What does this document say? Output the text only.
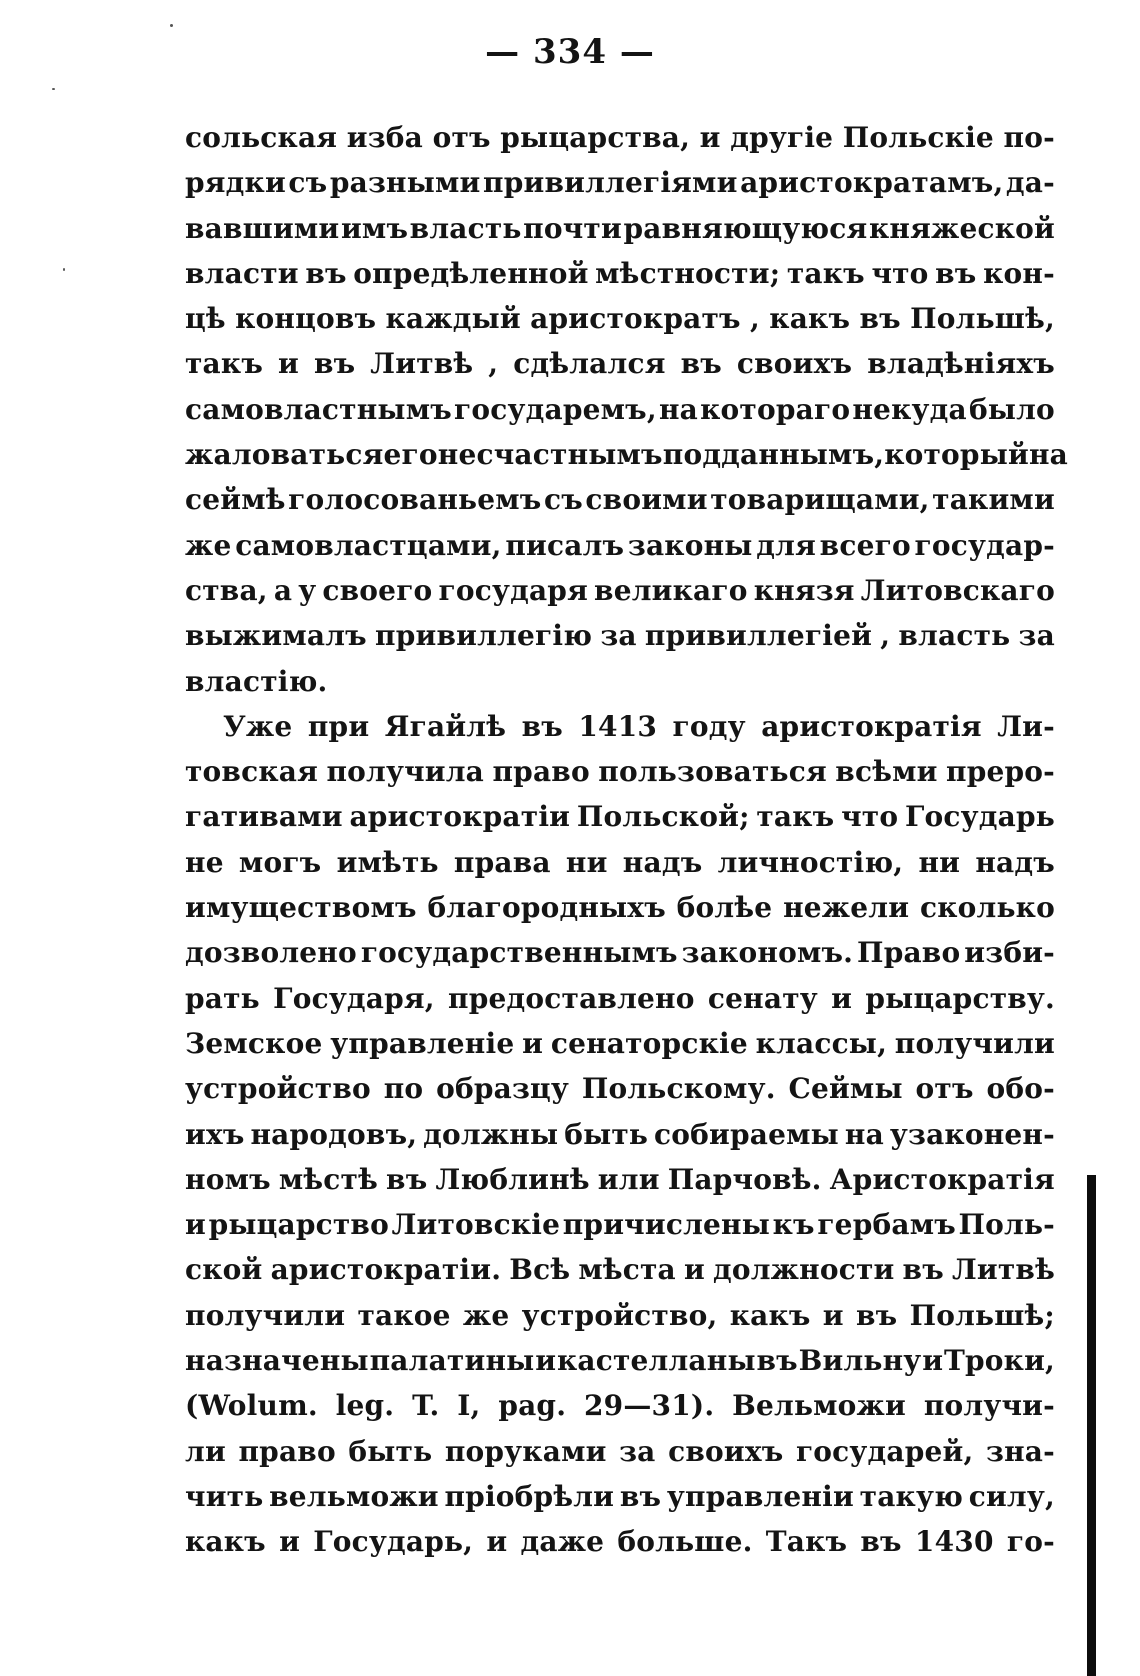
— 334 —
сольская изба отъ рыцарства, и другіе Польскіе по-
рядки съ разными привиллегіями аристократамъ, да-
вавшими имъ власть почти равняющуюся княжеской
власти въ опредѣленной мѣстности; такъ что въ кон-
цѣ концовъ каждый аристократъ , какъ въ Польшѣ,
такъ и въ Литвѣ , сдѣлался въ своихъ владѣніяхъ
самовластнымъ государемъ, на котораго некуда было
жаловаться его несчастнымъ подданнымъ, который на
сеймѣ голосованьемъ съ своими товарищами, такими
же самовластцами, писалъ законы для всего государ-
ства, а у своего государя великаго князя Литовскаго
выжималъ привиллегію за привиллегіей , власть за
властію.
Уже при Ягайлѣ въ 1413 году аристократія Ли-
товская получила право пользоваться всѣми преро-
гативами аристократіи Польской; такъ что Государь
не могъ имѣть права ни надъ личностію, ни надъ
имуществомъ благородныхъ болѣе нежели сколько
дозволено государственнымъ закономъ. Право изби-
рать Государя, предоставлено сенату и рыцарству.
Земское управленіе и сенаторскіе классы, получили
устройство по образцу Польскому. Сеймы отъ обо-
ихъ народовъ, должны быть собираемы на узаконен-
номъ мѣстѣ въ Люблинѣ или Парчовѣ. Аристократія
и рыцарство Литовскіе причислены къ гербамъ Поль-
ской аристократіи. Всѣ мѣста и должности въ Литвѣ
получили такое же устройство, какъ и въ Польшѣ;
назначены палатины и кастелланы въ Вильну и Троки,
(Wolum. leg. T. I, pag. 29—31). Вельможи получи-
ли право быть поруками за своихъ государей, зна-
чить вельможи пріобрѣли въ управленіи такую силу,
какъ и Государь, и даже больше. Такъ въ 1430 го-
